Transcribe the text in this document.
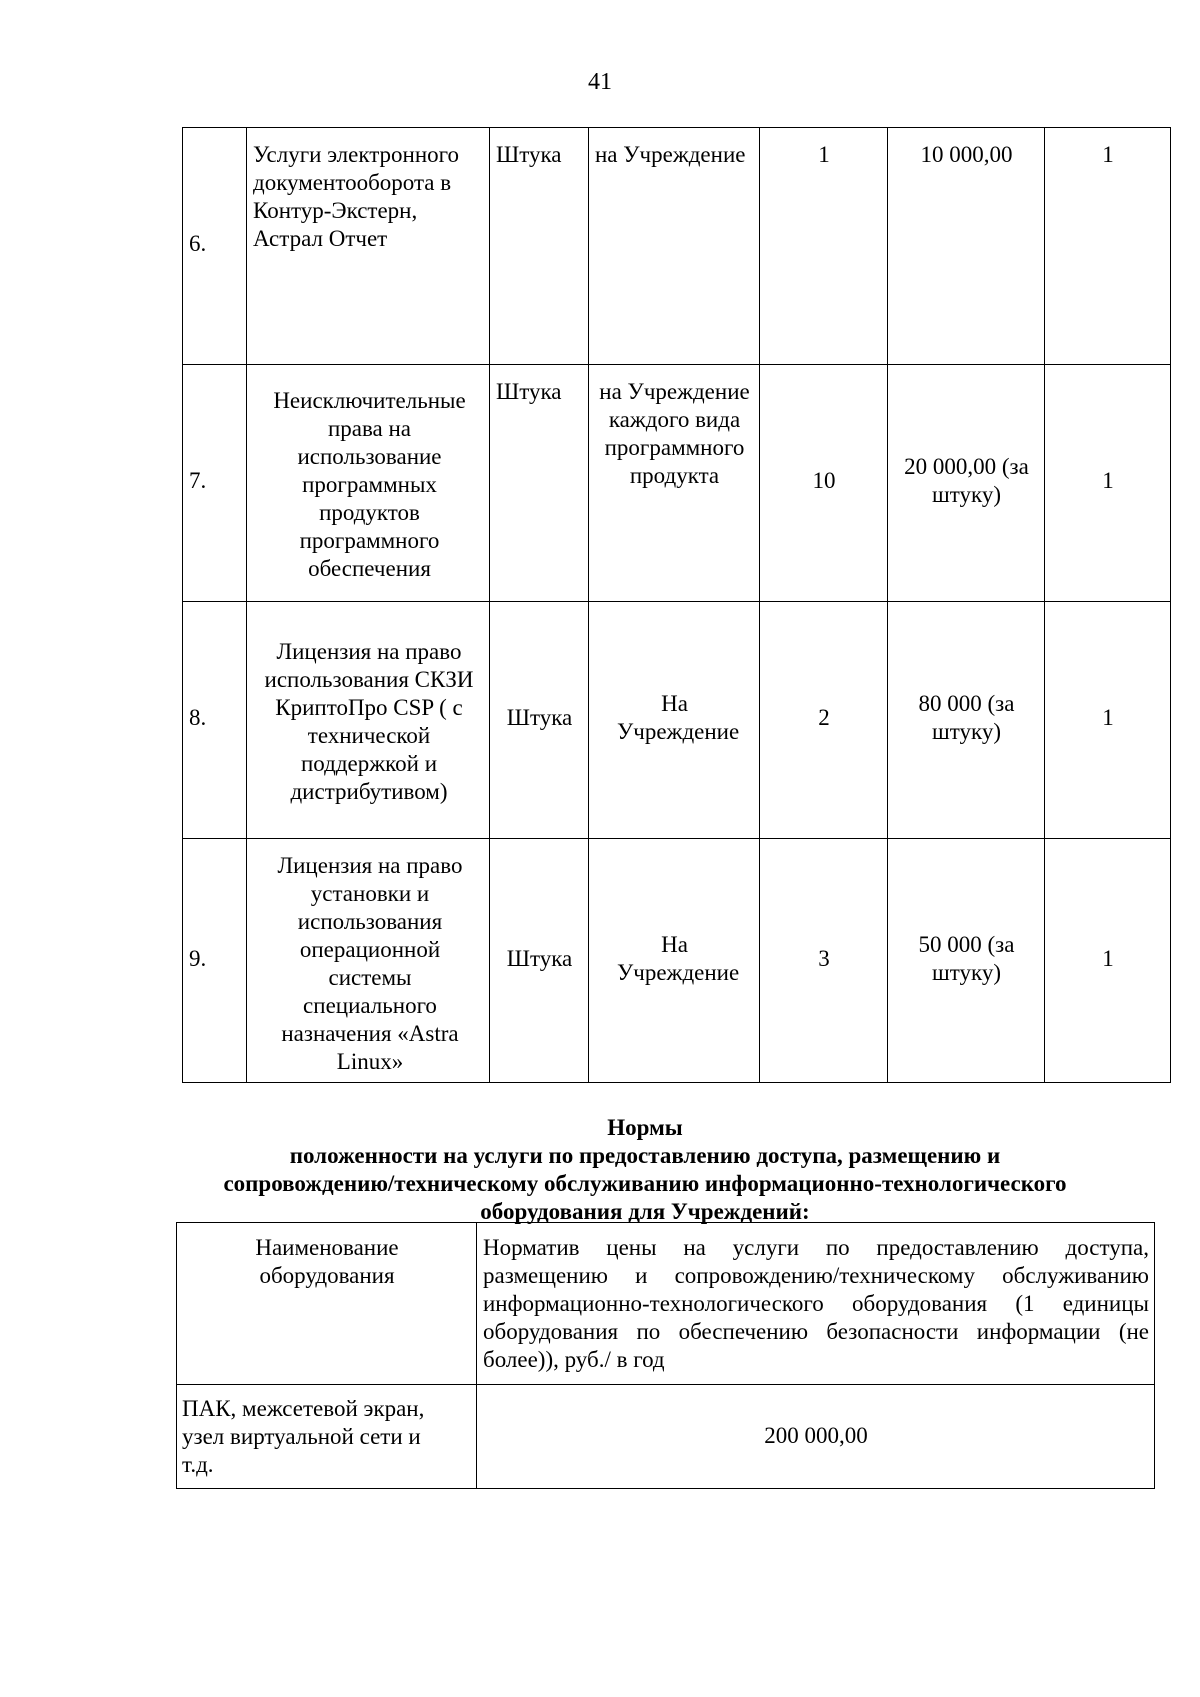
41
6.	Услуги электронного документооборота в Контур-Экстерн, Астрал Отчет	Штука	на Учреждение	1	10 000,00	1

7.	Неисключительные права на использование программных продуктов программного обеспечения	Штука	на Учреждение каждого вида программного продукта	10	20 000,00 (за штуку)	1

8.	Лицензия на право использования СКЗИ КриптоПро CSP ( с технической поддержкой и дистрибутивом)	Штука	На Учреждение	2	80 000 (за штуку)	1

9.	Лицензия на право установки и использования операционной системы специального назначения «Astra Linux»	Штука	На Учреждение	3	50 000 (за штуку)	1
Нормы
положенности на услуги по предоставлению доступа, размещению и
сопровождению/техническому обслуживанию информационно-технологического
оборудования для Учреждений:
Наименование оборудования	Норматив цены на услуги по предоставлению доступа, размещению и сопровождению/техническому обслуживанию информационно-технологического оборудования (1 единицы оборудования по обеспечению безопасности информации (не более)), руб./ в год

ПАК, межсетевой экран, узел виртуальной сети и т.д.	200 000,00
